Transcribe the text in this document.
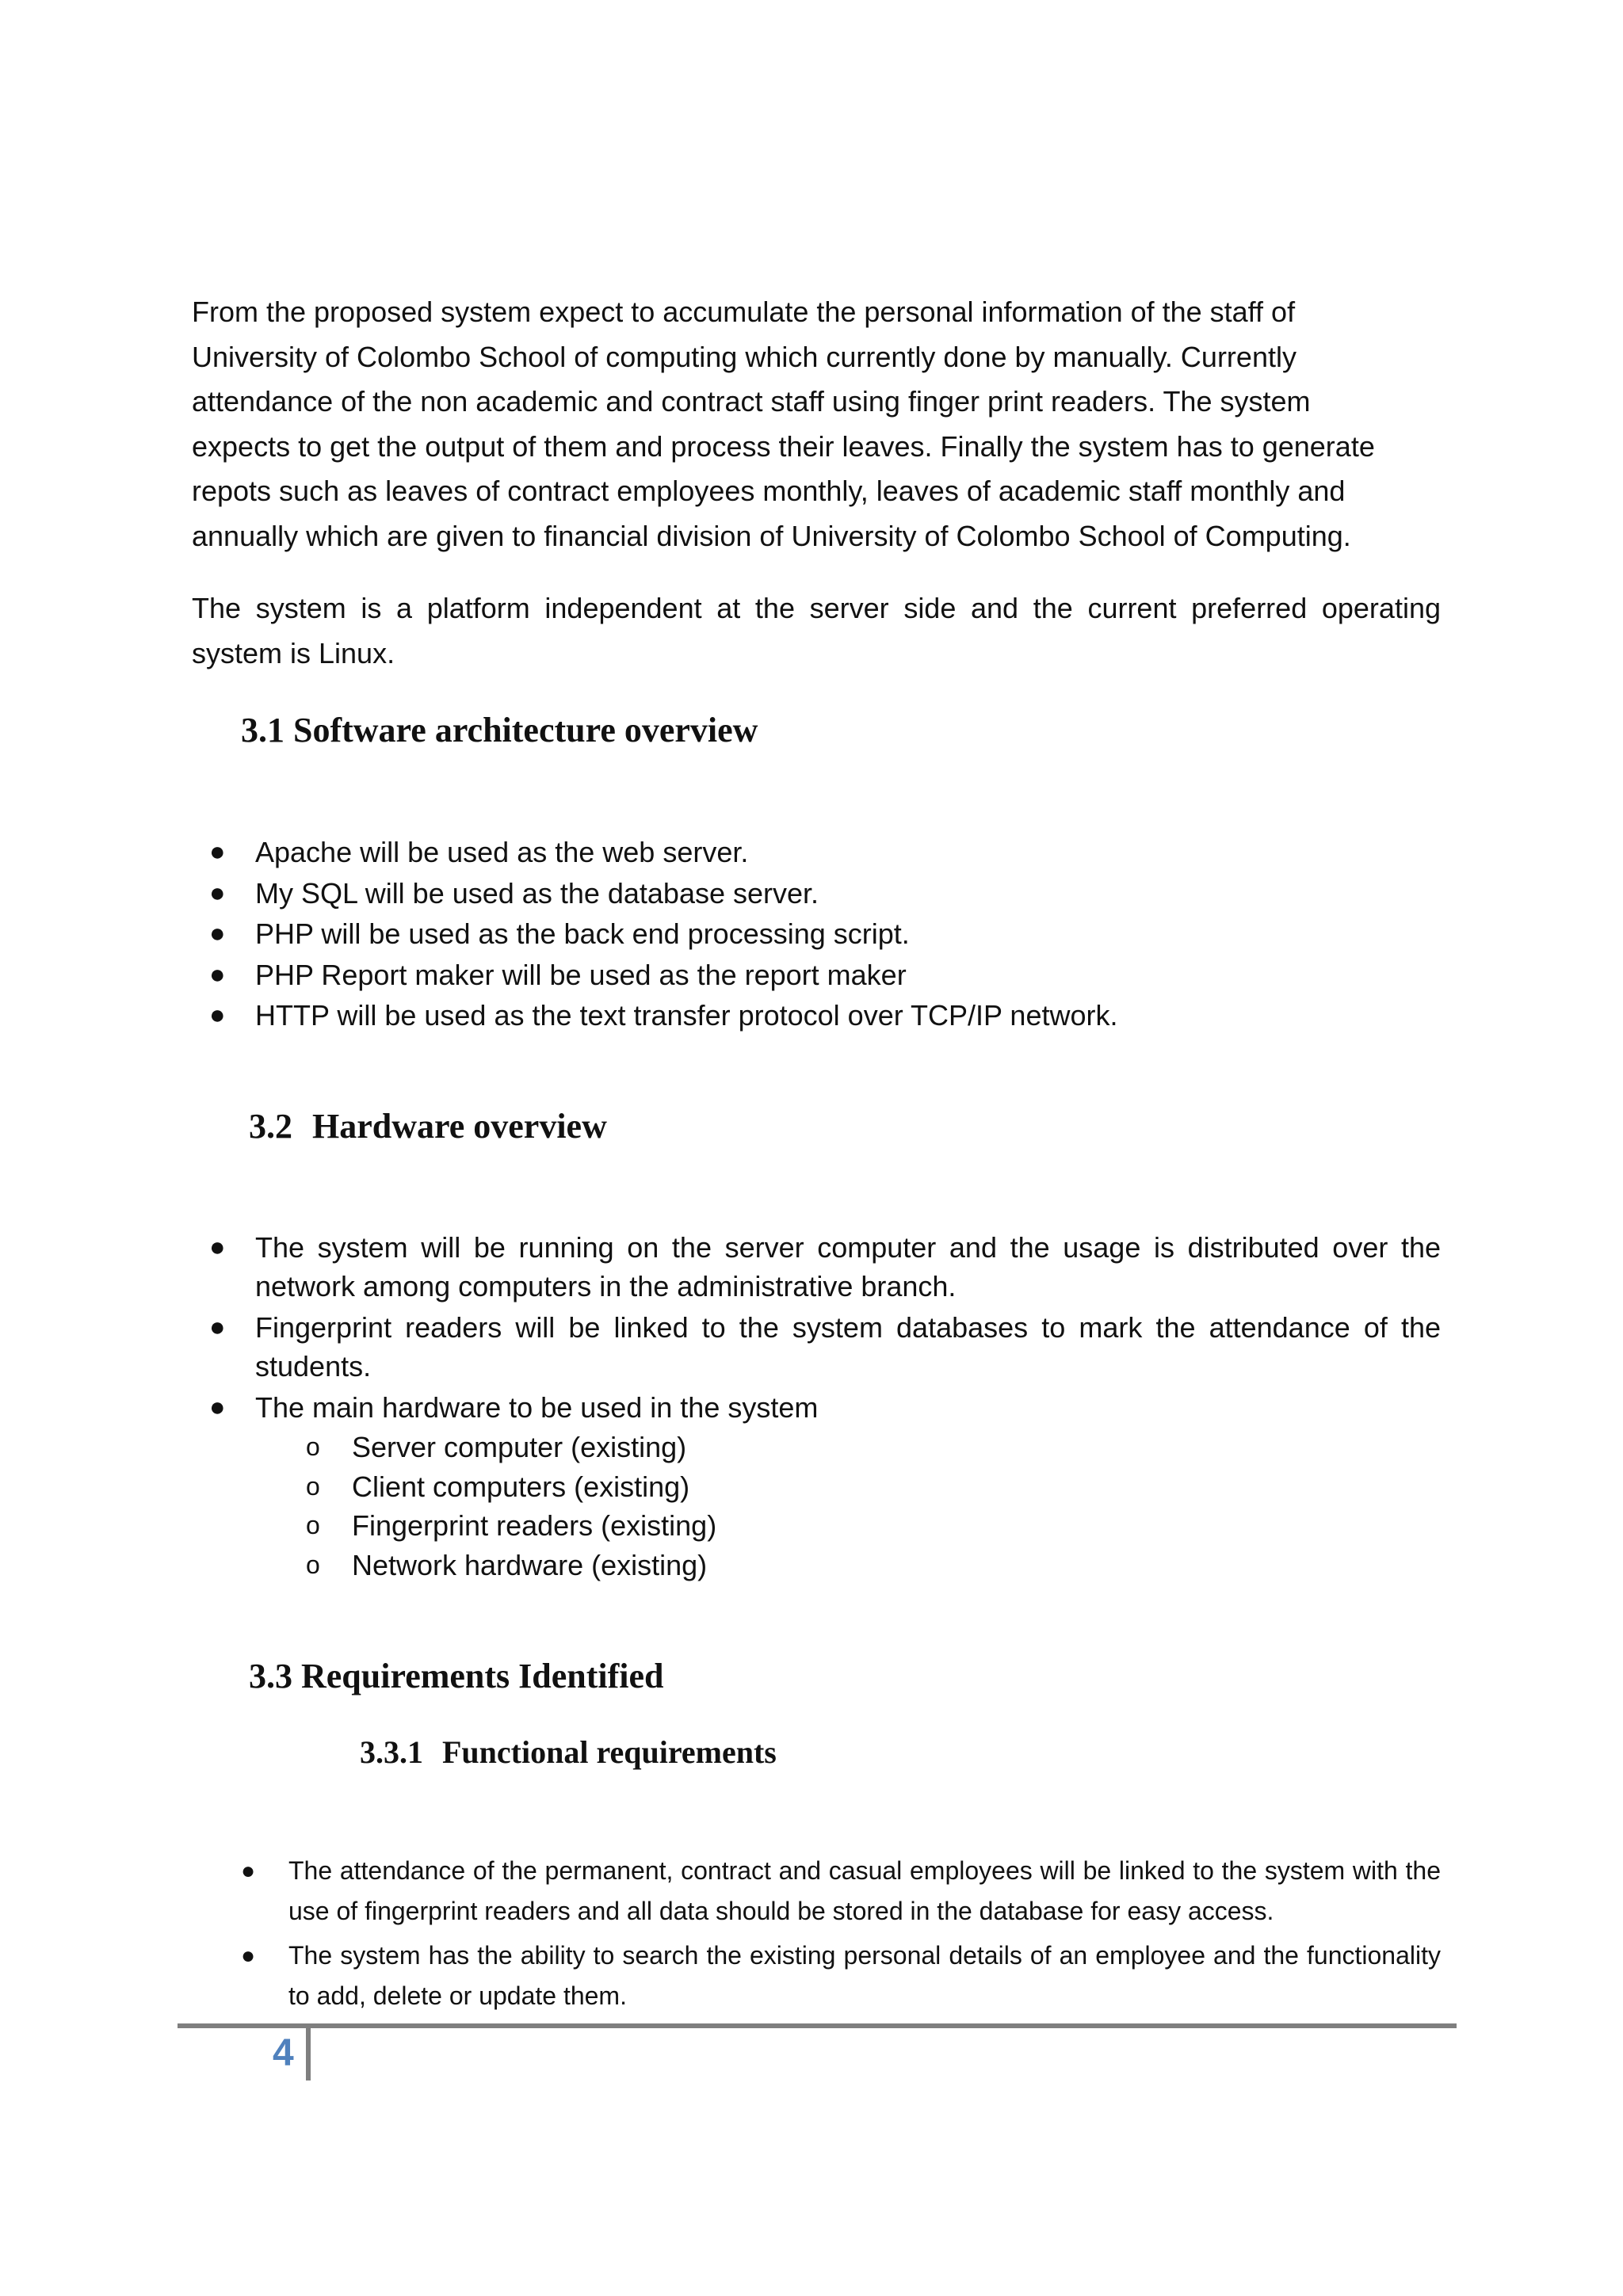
From the proposed system expect to accumulate the personal information of the staff of
University of Colombo School of computing which currently done by manually. Currently
attendance of the non academic and contract staff using finger print readers. The system
expects to get the output of them and process their leaves. Finally the system has to generate
repots such as leaves of contract employees monthly, leaves of academic staff monthly and
annually which are given to financial division of University of Colombo School of Computing.

The system is a platform independent at the server side and the current preferred operating system is Linux.

3.1 Software architecture overview
● Apache will be used as the web server.
● My SQL will be used as the database server.
● PHP will be used as the back end processing script.
● PHP Report maker will be used as the report maker
● HTTP will be used as the text transfer protocol over TCP/IP network.
3.2 Hardware overview
● The system will be running on the server computer and the usage is distributed over the network among computers in the administrative branch.
● Fingerprint readers will be linked to the system databases to mark the attendance of the students.
● The main hardware to be used in the system
o Server computer (existing)
o Client computers (existing)
o Fingerprint readers (existing)
o Network hardware (existing)
3.3 Requirements Identified
3.3.1 Functional requirements
● The attendance of the permanent, contract and casual employees will be linked to the system with the use of fingerprint readers and all data should be stored in the database for easy access.
● The system has the ability to search the existing personal details of an employee and the functionality to add, delete or update them.
4
